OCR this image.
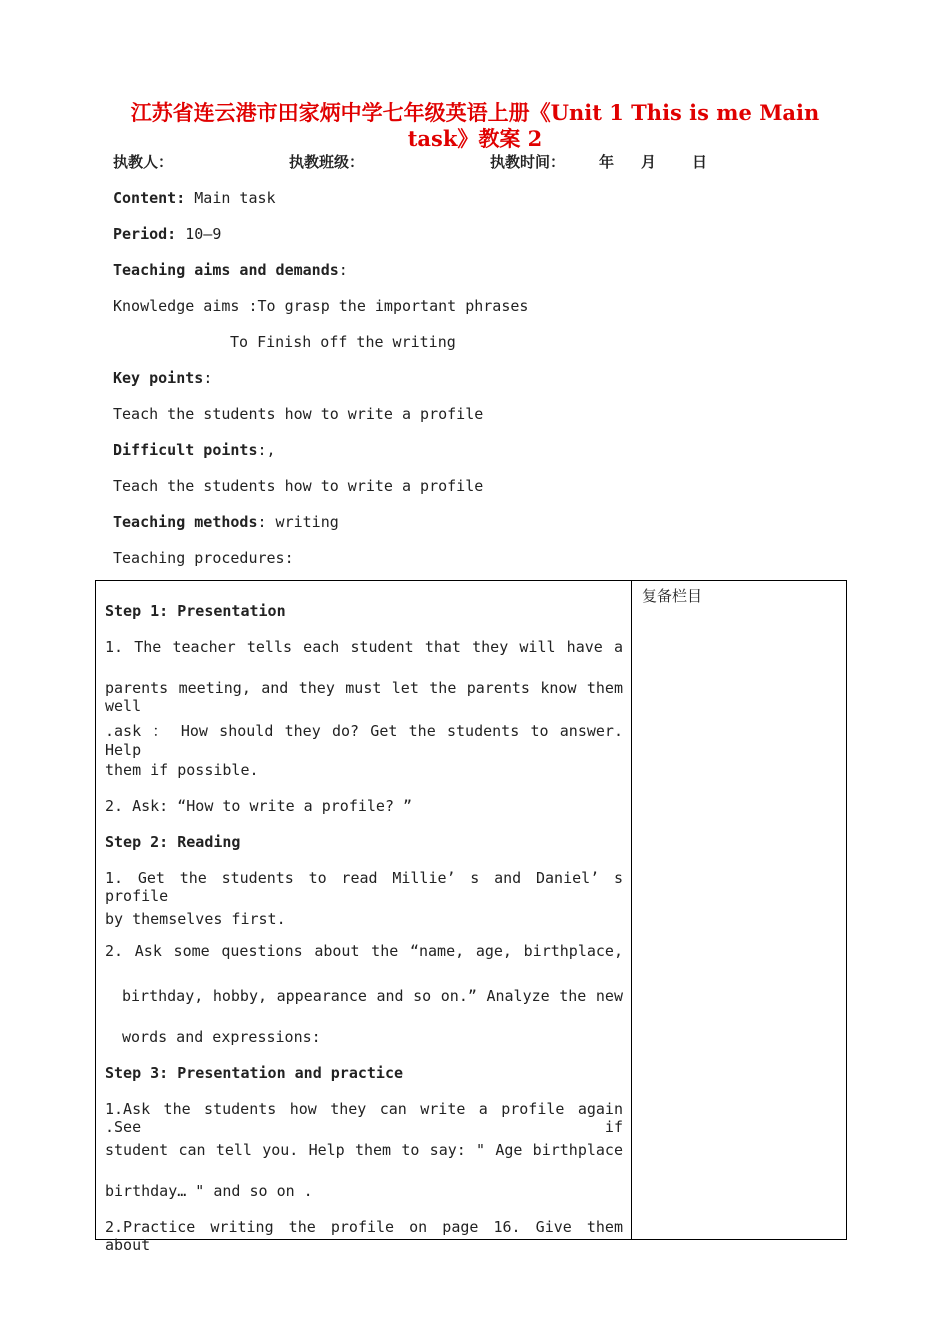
江苏省连云港市田家炳中学七年级英语上册《Unit 1 This is me Main
task》教案 2
执教人：	执教班级：	执教时间： 年 月 日
Content: Main task
Period: 10—9
Teaching aims and demands:
Knowledge aims :To grasp the important phrases
To Finish off the writing
Key points:
Teach the students how to write a profile
Difficult points:,
Teach the students how to write a profile
Teaching methods: writing
Teaching procedures:
复备栏目
Step 1: Presentation
1. The teacher tells each student that they will have a
parents meeting, and they must let the parents know them well
.ask ： How should they do? Get the students to answer. Help
them if possible.
2. Ask: “How to write a profile? ”
Step 2: Reading
1. Get the students to read Millie’ s and Daniel’ s profile
by themselves first.
2. Ask some questions about the “name, age, birthplace,
birthday, hobby, appearance and so on.” Analyze the new
words and expressions:
Step 3: Presentation and practice
1.Ask the students how they can write a profile again .See if
student can tell you. Help them to say: " Age birthplace
birthday… " and so on .
2.Practice writing the profile on page 16. Give them about
